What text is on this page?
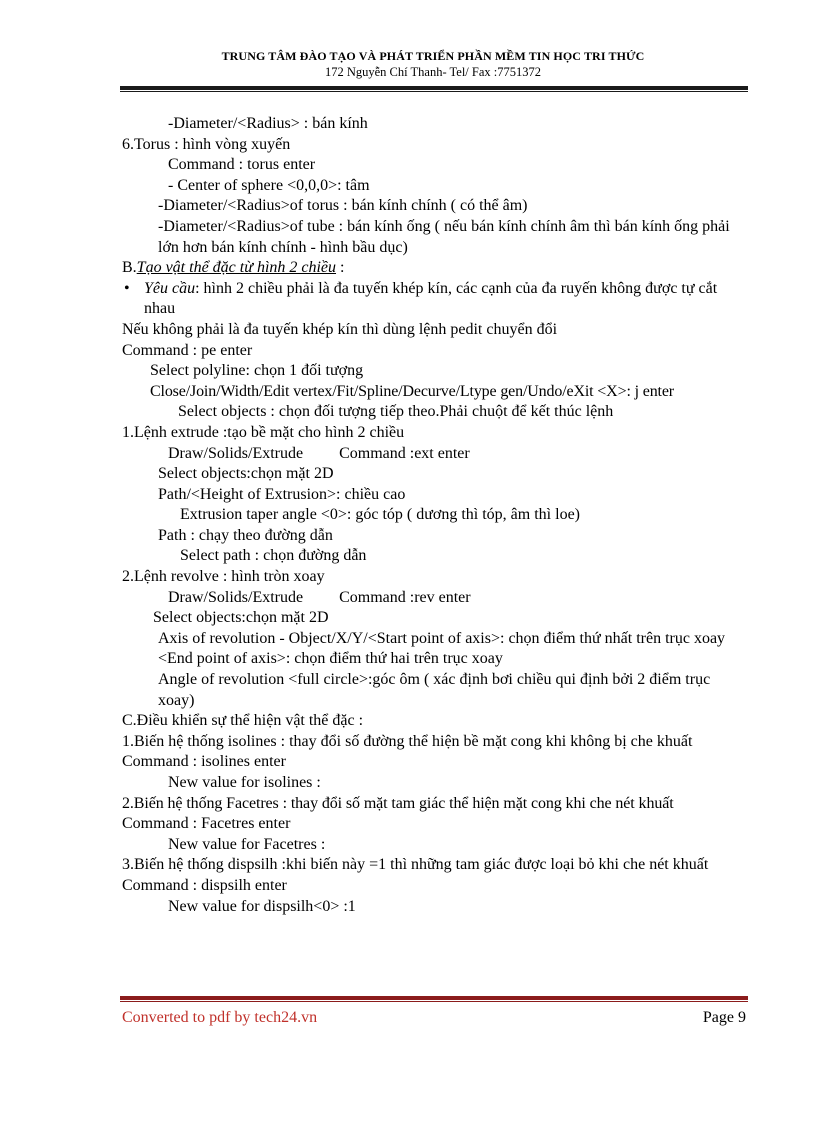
TRUNG TÂM ĐÀO TẠO VÀ PHÁT TRIỂN PHẦN MỀM TIN HỌC TRI THỨC
172 Nguyễn Chí Thanh- Tel/ Fax :7751372
-Diameter/<Radius> : bán kính
6.Torus : hình vòng xuyến
Command : torus enter
- Center of sphere <0,0,0>: tâm
-Diameter/<Radius>of torus : bán kính chính ( có thể âm)
-Diameter/<Radius>of tube : bán kính ống ( nếu bán kính chính âm thì bán kính ống phải lớn hơn bán kính chính - hình bầu dục)
B.Tạo vật thể đặc từ hình 2 chiều :
• Yêu cầu: hình 2 chiều phải là đa tuyến khép kín, các cạnh của đa ruyến không được tự cắt nhau
Nếu không phải là đa tuyến khép kín thì dùng lệnh pedit chuyển đổi
Command : pe enter
Select polyline: chọn 1 đối tượng
Close/Join/Width/Edit vertex/Fit/Spline/Decurve/Ltype gen/Undo/eXit <X>: j enter
Select objects : chọn đối tượng tiếp theo.Phải chuột để kết thúc lệnh
1.Lệnh extrude :tạo bề mặt cho hình 2 chiều
Draw/Solids/Extrude Command :ext enter
Select objects:chọn mặt 2D
Path/<Height of Extrusion>: chiều cao
Extrusion taper angle <0>: góc tóp ( dương thì tóp, âm thì loe)
Path : chạy theo đường dẫn
Select path : chọn đường dẫn
2.Lệnh revolve : hình tròn xoay
Draw/Solids/Extrude Command :rev enter
Select objects:chọn mặt 2D
Axis of revolution - Object/X/Y/<Start point of axis>: chọn điểm thứ nhất trên trục xoay
<End point of axis>: chọn điểm thứ hai trên trục xoay
Angle of revolution <full circle>:góc ôm ( xác định bơi chiều qui định bởi 2 điểm trục xoay)
C.Điều khiển sự thể hiện vật thể đặc :
1.Biến hệ thống isolines : thay đổi số đường thể hiện bề mặt cong khi không bị che khuất
Command : isolines enter
New value for isolines :
2.Biến hệ thống Facetres : thay đổi số mặt tam giác thể hiện mặt cong khi che nét khuất
Command : Facetres enter
New value for Facetres :
3.Biến hệ thống dispsilh :khi biến này =1 thì những tam giác được loại bỏ khi che nét khuất
Command : dispsilh enter
New value for dispsilh<0> :1
Converted to pdf by tech24.vn	Page 9
